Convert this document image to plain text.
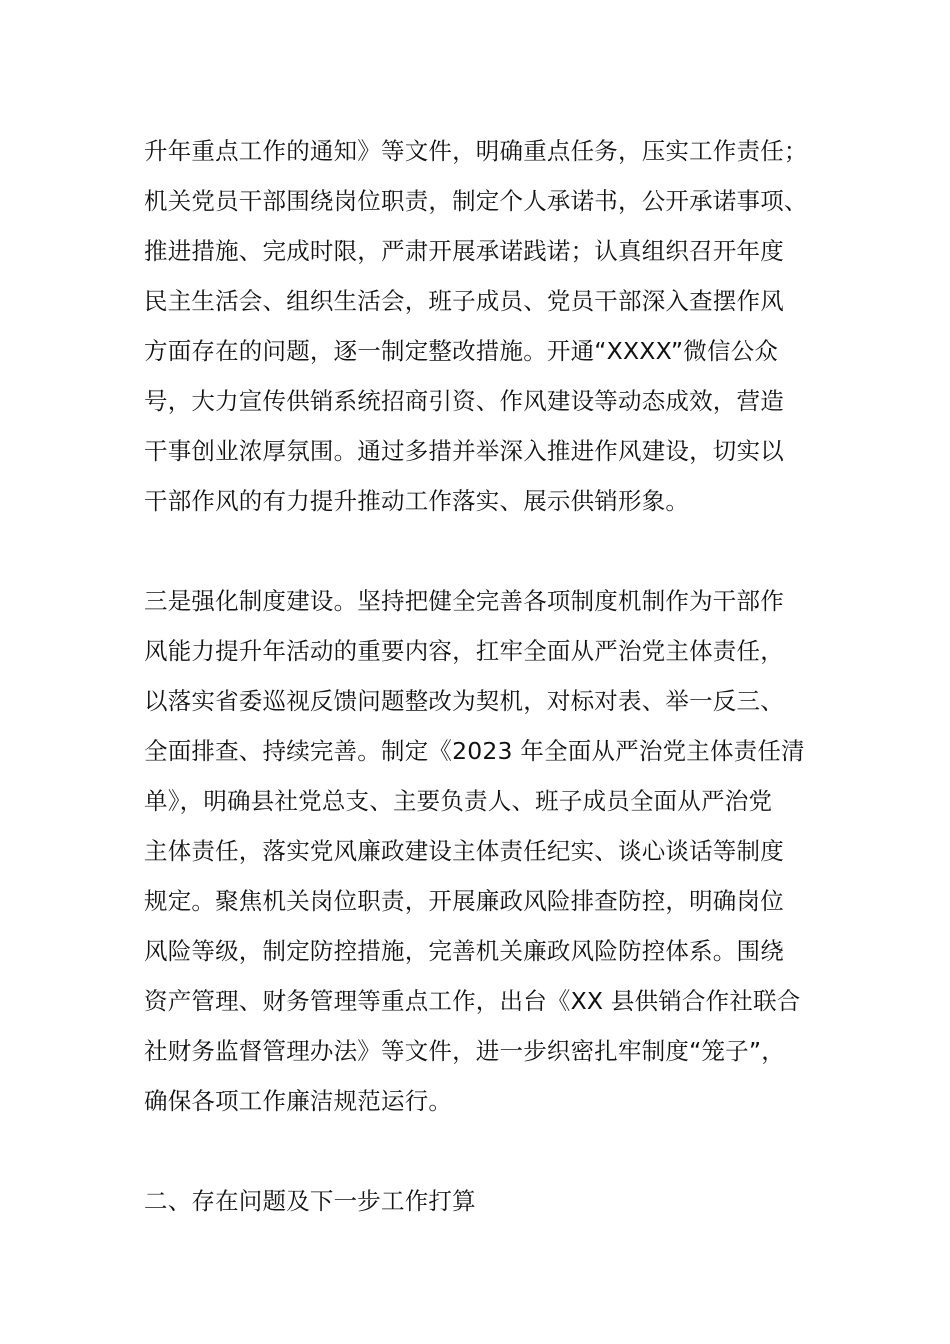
升年重点工作的通知》等文件，明确重点任务，压实工作责任；
机关党员干部围绕岗位职责，制定个人承诺书，公开承诺事项、
推进措施、完成时限，严肃开展承诺践诺；认真组织召开年度
民主生活会、组织生活会，班子成员、党员干部深入查摆作风
方面存在的问题，逐一制定整改措施。开通“XXXX”微信公众
号，大力宣传供销系统招商引资、作风建设等动态成效，营造
干事创业浓厚氛围。通过多措并举深入推进作风建设，切实以
干部作风的有力提升推动工作落实、展示供销形象。
三是强化制度建设。坚持把健全完善各项制度机制作为干部作
风能力提升年活动的重要内容，扛牢全面从严治党主体责任，
以落实省委巡视反馈问题整改为契机，对标对表、举一反三、
全面排查、持续完善。制定《2023 年全面从严治党主体责任清
单》，明确县社党总支、主要负责人、班子成员全面从严治党
主体责任，落实党风廉政建设主体责任纪实、谈心谈话等制度
规定。聚焦机关岗位职责，开展廉政风险排查防控，明确岗位
风险等级，制定防控措施，完善机关廉政风险防控体系。围绕
资产管理、财务管理等重点工作，出台《XX 县供销合作社联合
社财务监督管理办法》等文件，进一步织密扎牢制度“笼子”，
确保各项工作廉洁规范运行。
二、存在问题及下一步工作打算
